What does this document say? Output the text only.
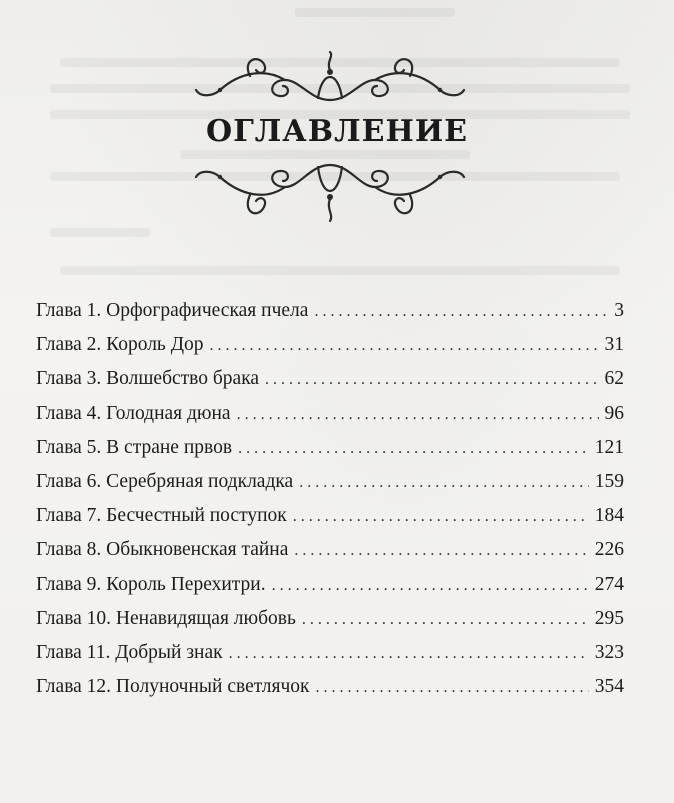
ОГЛАВЛЕНИЕ
Глава 1. Орфографическая пчела . . .	3
Глава 2. Король Дор . . .	31
Глава 3. Волшебство брака . . .	62
Глава 4. Голодная дюна . . .	96
Глава 5. В стране првов . . .	121
Глава 6. Серебряная подкладка . . .	159
Глава 7. Бесчестный поступок . . .	184
Глава 8. Обыкновенская тайна . . .	226
Глава 9. Король Перехитри. . . .	274
Глава 10. Ненавидящая любовь . . .	295
Глава 11. Добрый знак . . .	323
Глава 12. Полуночный светлячок . . .	354
